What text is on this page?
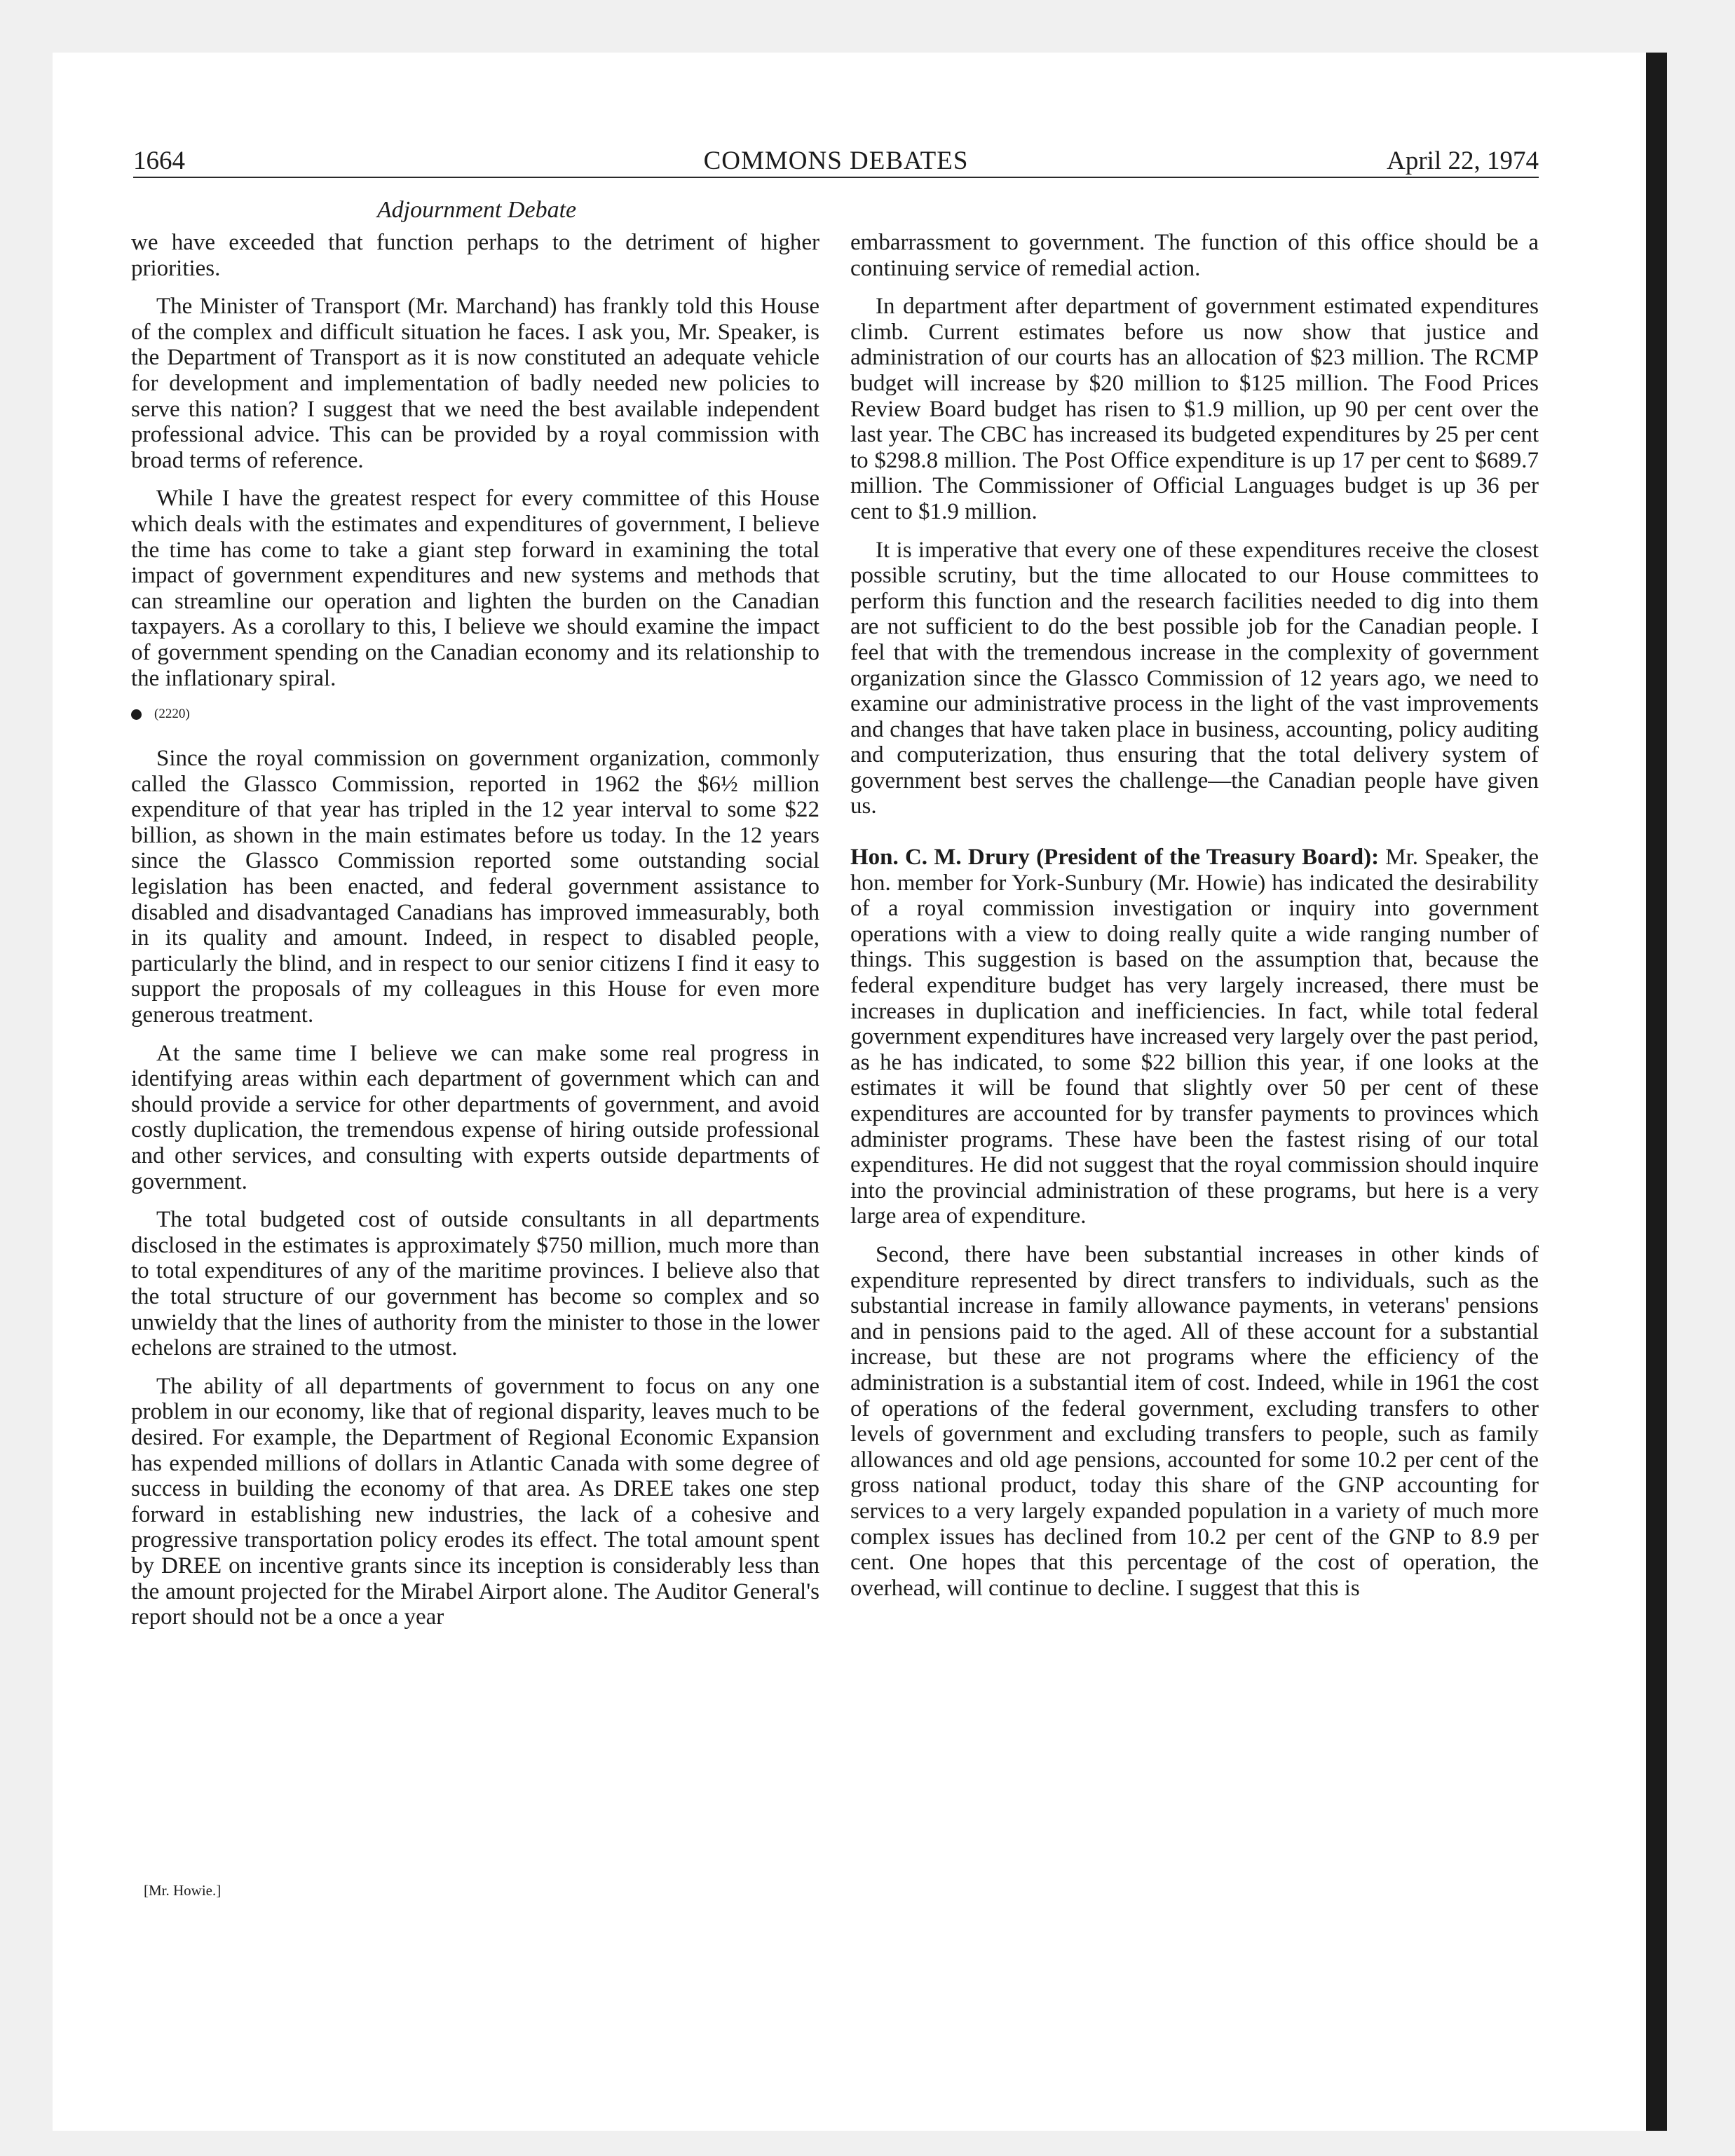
1664	COMMONS DEBATES	April 22, 1974
Adjournment Debate

we have exceeded that function perhaps to the detriment of higher priorities.

The Minister of Transport (Mr. Marchand) has frankly told this House of the complex and difficult situation he faces. I ask you, Mr. Speaker, is the Department of Transport as it is now constituted an adequate vehicle for development and implementation of badly needed new policies to serve this nation? I suggest that we need the best available independent professional advice. This can be provided by a royal commission with broad terms of reference.

While I have the greatest respect for every committee of this House which deals with the estimates and expenditures of government, I believe the time has come to take a giant step forward in examining the total impact of government expenditures and new systems and methods that can streamline our operation and lighten the burden on the Canadian taxpayers. As a corollary to this, I believe we should examine the impact of government spending on the Canadian economy and its relationship to the inflationary spiral.

(2220)

Since the royal commission on government organization, commonly called the Glassco Commission, reported in 1962 the $6½ million expenditure of that year has tripled in the 12 year interval to some $22 billion, as shown in the main estimates before us today. In the 12 years since the Glassco Commission reported some outstanding social legislation has been enacted, and federal government assistance to disabled and disadvantaged Canadians has improved immeasurably, both in its quality and amount. Indeed, in respect to disabled people, particularly the blind, and in respect to our senior citizens I find it easy to support the proposals of my colleagues in this House for even more generous treatment.

At the same time I believe we can make some real progress in identifying areas within each department of government which can and should provide a service for other departments of government, and avoid costly duplication, the tremendous expense of hiring outside professional and other services, and consulting with experts outside departments of government.

The total budgeted cost of outside consultants in all departments disclosed in the estimates is approximately $750 million, much more than to total expenditures of any of the maritime provinces. I believe also that the total structure of our government has become so complex and so unwieldy that the lines of authority from the minister to those in the lower echelons are strained to the utmost.

The ability of all departments of government to focus on any one problem in our economy, like that of regional disparity, leaves much to be desired. For example, the Department of Regional Economic Expansion has expended millions of dollars in Atlantic Canada with some degree of success in building the economy of that area. As DREE takes one step forward in establishing new industries, the lack of a cohesive and progressive transportation policy erodes its effect. The total amount spent by DREE on incentive grants since its inception is considerably less than the amount projected for the Mirabel Airport alone. The Auditor General's report should not be a once a year

[Mr. Howie.]

embarrassment to government. The function of this office should be a continuing service of remedial action.

In department after department of government estimated expenditures climb. Current estimates before us now show that justice and administration of our courts has an allocation of $23 million. The RCMP budget will increase by $20 million to $125 million. The Food Prices Review Board budget has risen to $1.9 million, up 90 per cent over the last year. The CBC has increased its budgeted expenditures by 25 per cent to $298.8 million. The Post Office expenditure is up 17 per cent to $689.7 million. The Commissioner of Official Languages budget is up 36 per cent to $1.9 million.

It is imperative that every one of these expenditures receive the closest possible scrutiny, but the time allocated to our House committees to perform this function and the research facilities needed to dig into them are not sufficient to do the best possible job for the Canadian people. I feel that with the tremendous increase in the complexity of government organization since the Glassco Commission of 12 years ago, we need to examine our administrative process in the light of the vast improvements and changes that have taken place in business, accounting, policy auditing and computerization, thus ensuring that the total delivery system of government best serves the challenge—the Canadian people have given us.

Hon. C. M. Drury (President of the Treasury Board): Mr. Speaker, the hon. member for York-Sunbury (Mr. Howie) has indicated the desirability of a royal commission investigation or inquiry into government operations with a view to doing really quite a wide ranging number of things. This suggestion is based on the assumption that, because the federal expenditure budget has very largely increased, there must be increases in duplication and inefficiencies. In fact, while total federal government expenditures have increased very largely over the past period, as he has indicated, to some $22 billion this year, if one looks at the estimates it will be found that slightly over 50 per cent of these expenditures are accounted for by transfer payments to provinces which administer programs. These have been the fastest rising of our total expenditures. He did not suggest that the royal commission should inquire into the provincial administration of these programs, but here is a very large area of expenditure.

Second, there have been substantial increases in other kinds of expenditure represented by direct transfers to individuals, such as the substantial increase in family allowance payments, in veterans' pensions and in pensions paid to the aged. All of these account for a substantial increase, but these are not programs where the efficiency of the administration is a substantial item of cost. Indeed, while in 1961 the cost of operations of the federal government, excluding transfers to other levels of government and excluding transfers to people, such as family allowances and old age pensions, accounted for some 10.2 per cent of the gross national product, today this share of the GNP accounting for services to a very largely expanded population in a variety of much more complex issues has declined from 10.2 per cent of the GNP to 8.9 per cent. One hopes that this percentage of the cost of operation, the overhead, will continue to decline. I suggest that this is
